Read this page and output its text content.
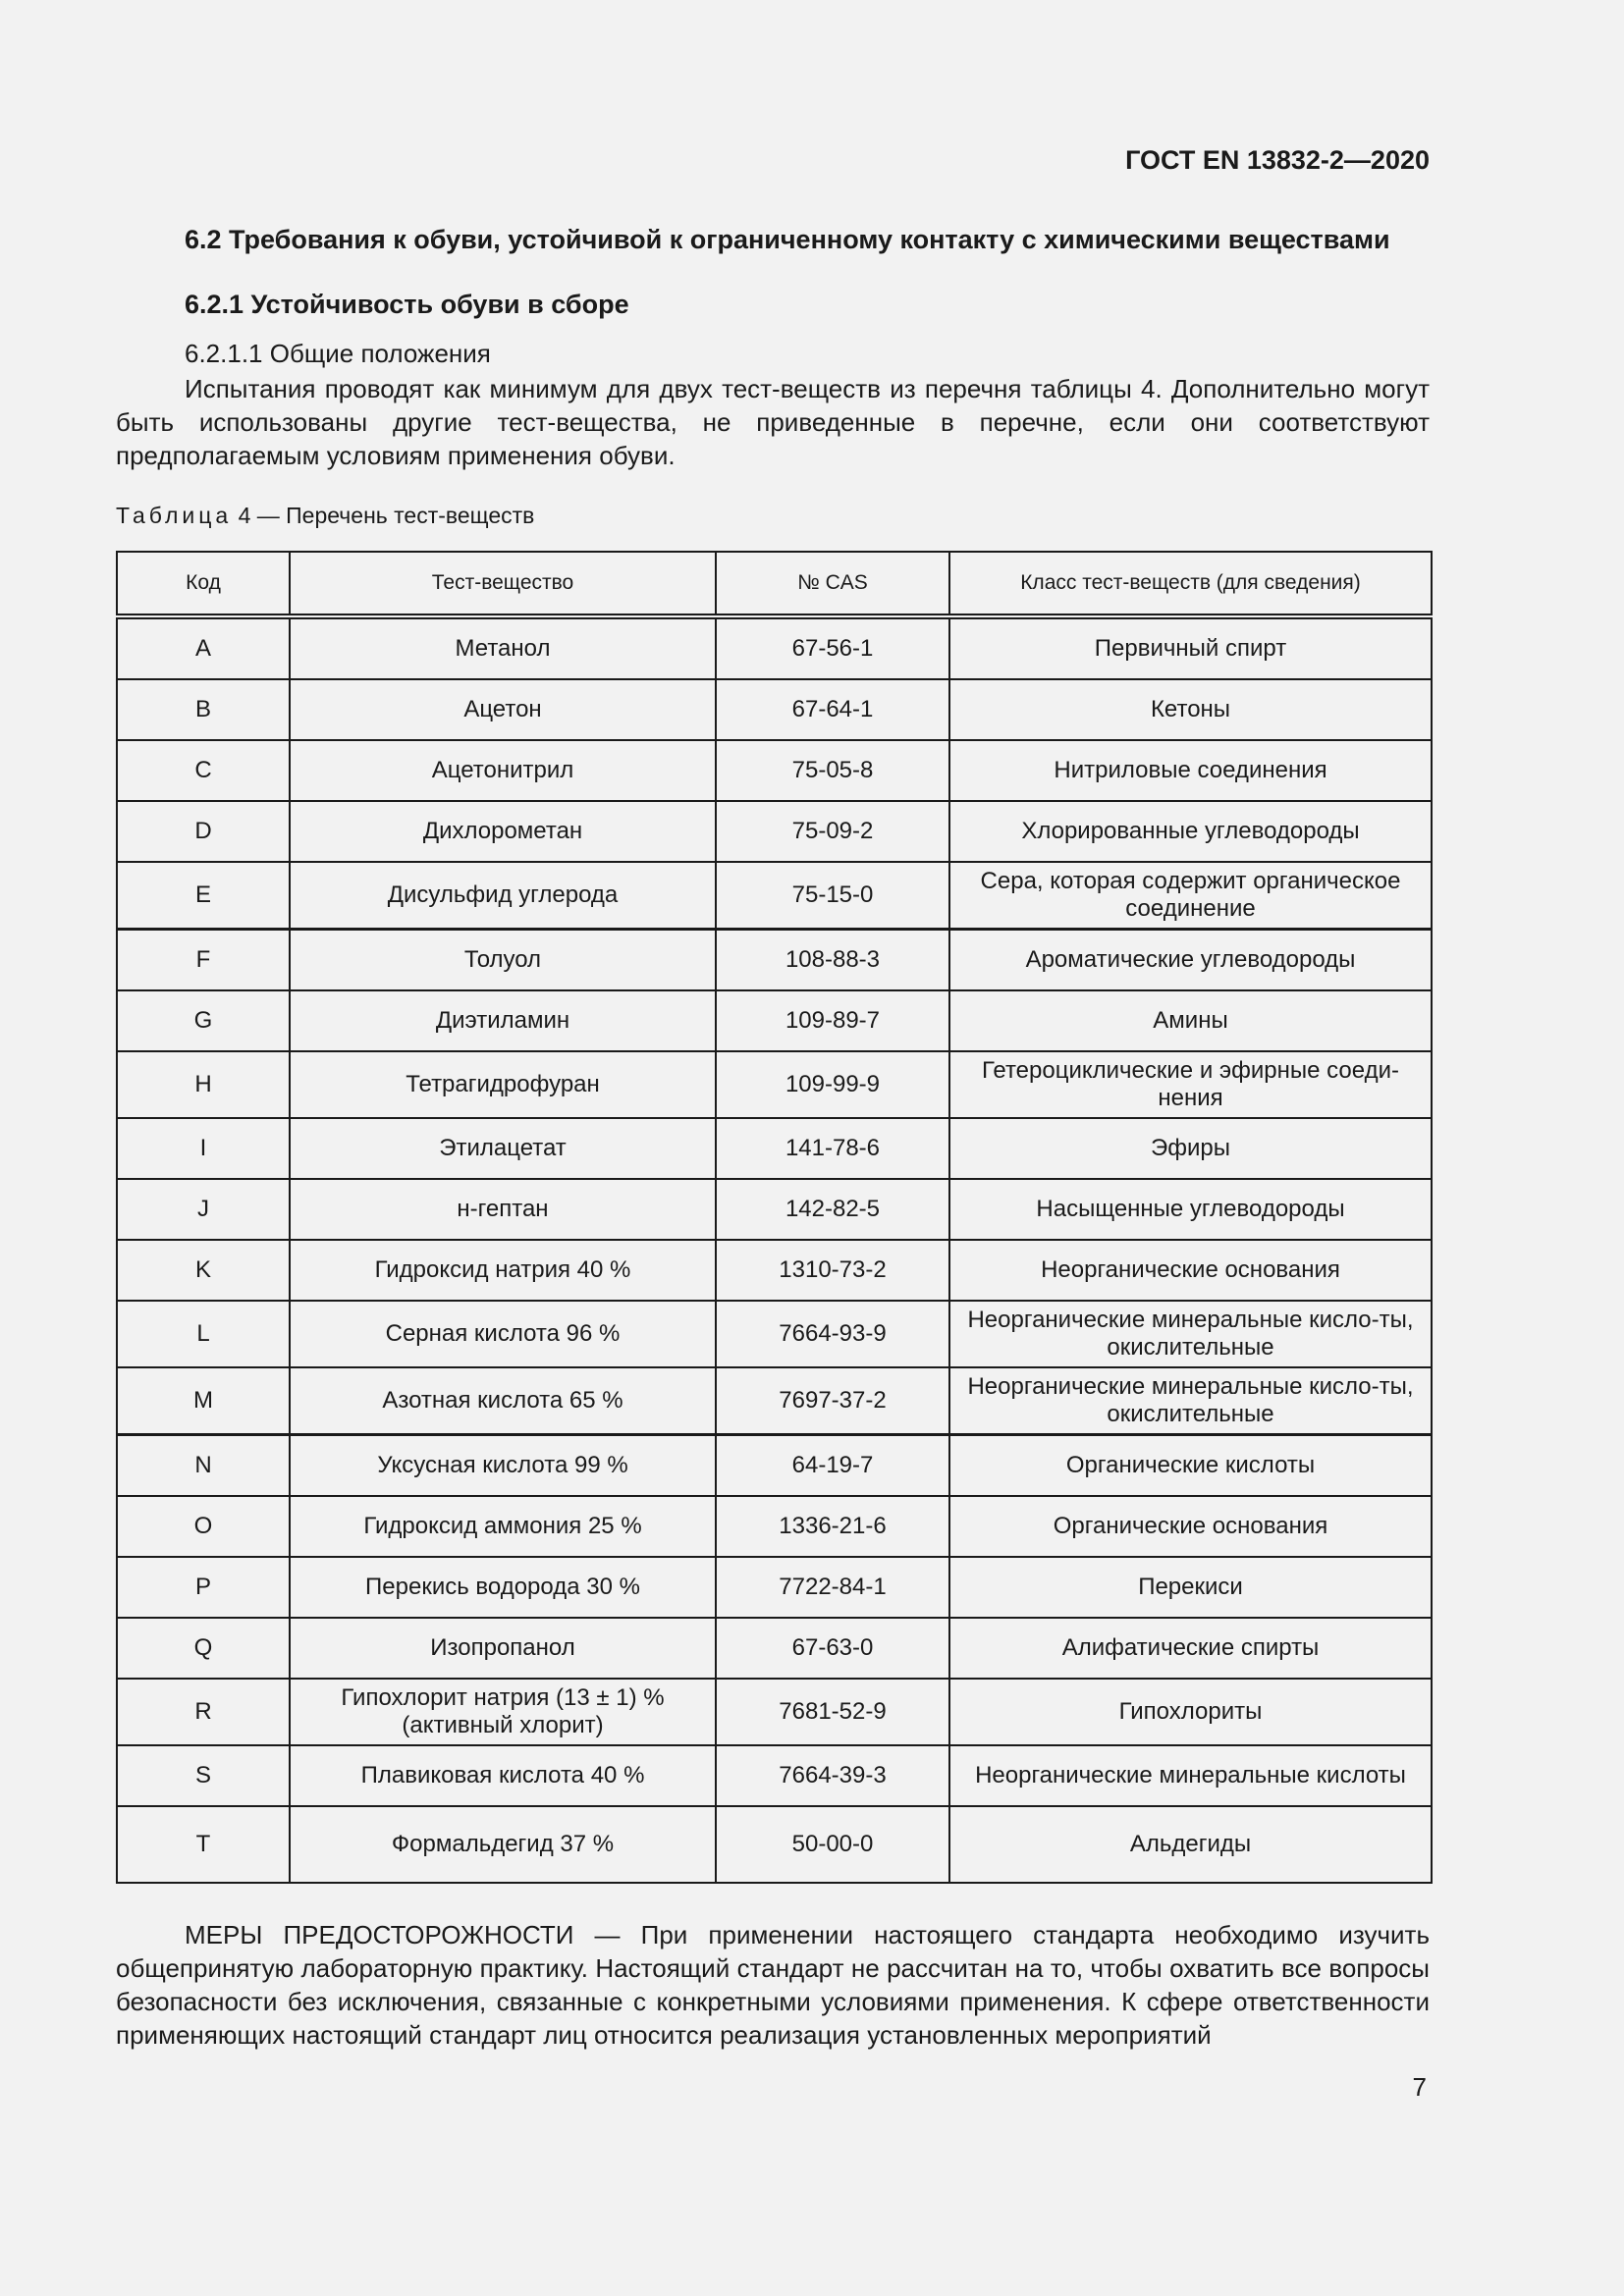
ГОСТ EN 13832-2—2020
6.2 Требования к обуви, устойчивой к ограниченному контакту с химическими веществами
6.2.1 Устойчивость обуви в сборе
6.2.1.1 Общие положения
Испытания проводят как минимум для двух тест-веществ из перечня таблицы 4. Дополнительно могут быть использованы другие тест-вещества, не приведенные в перечне, если они соответствуют предполагаемым условиям применения обуви.
Таблица 4 — Перечень тест-веществ
Код	Тест-вещество	№ CAS	Класс тест-веществ (для сведения)
A	Метанол	67-56-1	Первичный спирт
B	Ацетон	67-64-1	Кетоны
C	Ацетонитрил	75-05-8	Нитриловые соединения
D	Дихлорометан	75-09-2	Хлорированные углеводороды
E	Дисульфид углерода	75-15-0	Сера, которая содержит органическое соединение
F	Толуол	108-88-3	Ароматические углеводороды
G	Диэтиламин	109-89-7	Амины
H	Тетрагидрофуран	109-99-9	Гетероциклические и эфирные соеди-нения
I	Этилацетат	141-78-6	Эфиры
J	н-гептан	142-82-5	Насыщенные углеводороды
K	Гидроксид натрия 40 %	1310-73-2	Неорганические основания
L	Серная кислота 96 %	7664-93-9	Неорганические минеральные кисло-ты, окислительные
M	Азотная кислота 65 %	7697-37-2	Неорганические минеральные кисло-ты, окислительные
N	Уксусная кислота 99 %	64-19-7	Органические кислоты
O	Гидроксид аммония 25 %	1336-21-6	Органические основания
P	Перекись водорода 30 %	7722-84-1	Перекиси
Q	Изопропанол	67-63-0	Алифатические спирты
R	Гипохлорит натрия (13 ± 1) % (активный хлорит)	7681-52-9	Гипохлориты
S	Плавиковая кислота 40 %	7664-39-3	Неорганические минеральные кислоты
T	Формальдегид 37 %	50-00-0	Альдегиды
МЕРЫ ПРЕДОСТОРОЖНОСТИ — При применении настоящего стандарта необходимо изучить общепринятую лабораторную практику. Настоящий стандарт не рассчитан на то, чтобы охватить все вопросы безопасности без исключения, связанные с конкретными условиями применения. К сфере ответственности применяющих настоящий стандарт лиц относится реализация установленных мероприятий
7
